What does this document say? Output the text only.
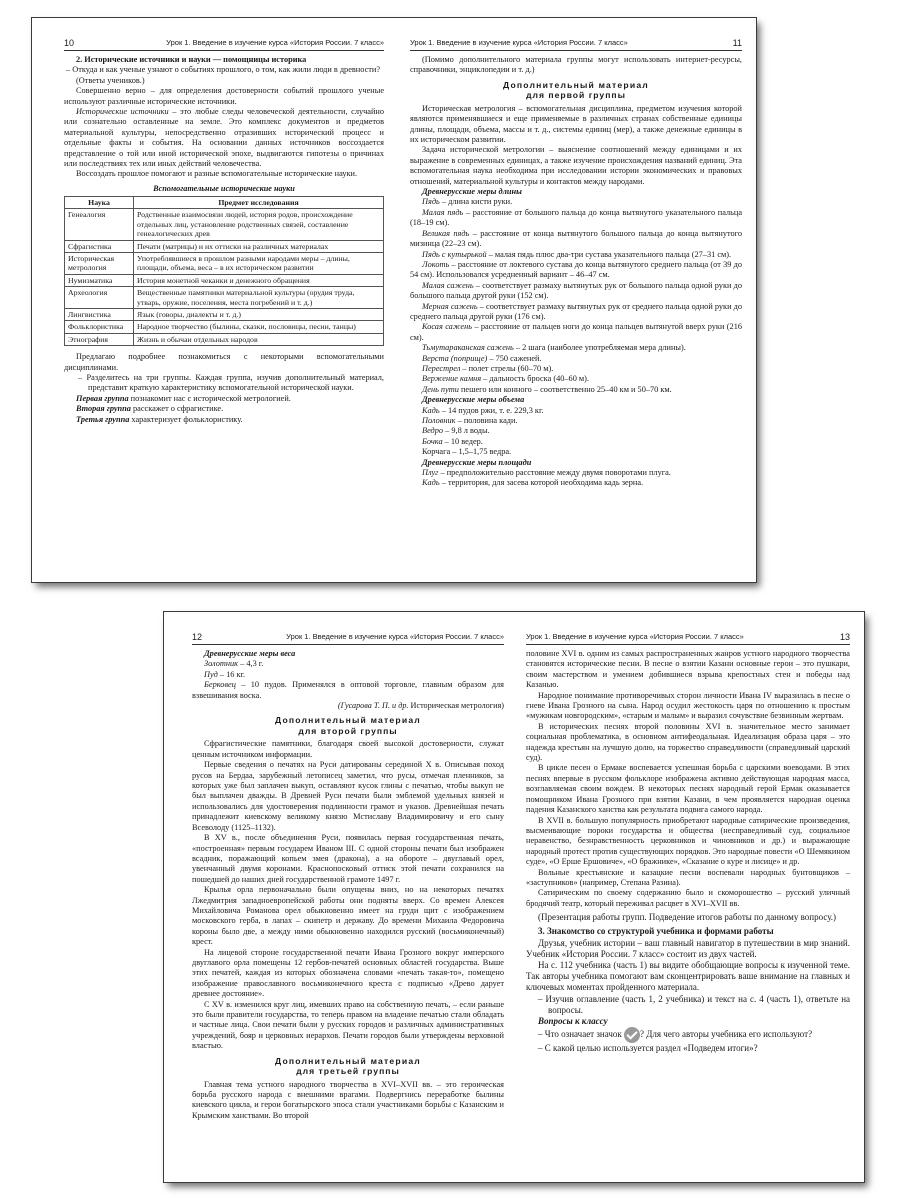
10	Урок 1. Введение в изучение курса «История России. 7 класс»

2. Исторические источники и науки — помощницы историка

– Откуда и как ученые узнают о событиях прошлого, о том, как жили люди в древности?

(Ответы учеников.)

Совершенно верно – для определения достоверности событий прошлого ученые используют различные исторические источники.

Исторические источники – это любые следы человеческой деятельности, случайно или сознательно оставленные на земле. Это комплекс документов и предметов материальной культуры, непосредственно отразивших исторический процесс и отдельные факты и события. На основании данных источников воссоздается представление о той или иной исторической эпохе, выдвигаются гипотезы о причинах или последствиях тех или иных действий человечества.

Воссоздать прошлое помогают и разные вспомогательные исторические науки.

Вспомогательные исторические науки
Наука	Предмет исследования
Генеалогия	Родственные взаимосвязи людей, история родов, происхождение отдельных лиц, установление родственных связей, составление генеалогических древ
Сфрагистика	Печати (матрицы) и их оттиски на различных материалах
Историческая метрология	Употреблявшиеся в прошлом разными народами меры – длины, площади, объема, веса – в их историческом развитии
Нумизматика	История монетной чеканки и денежного обращения
Археология	Вещественные памятники материальной культуры (орудия труда, утварь, оружие, поселения, места погребений и т. д.)
Лингвистика	Язык (говоры, диалекты и т. д.)
Фольклористика	Народное творчество (былины, сказки, пословицы, песни, танцы)
Этнография	Жизнь и обычаи отдельных народов

Предлагаю подробнее познакомиться с некоторыми вспомогательными дисциплинами.

– Разделитесь на три группы. Каждая группа, изучив дополнительный материал, представит краткую характеристику вспомогательной исторической науки.

Первая группа познакомит нас с исторической метрологией.

Вторая группа расскажет о сфрагистике.

Третья группа характеризует фольклористику.

Урок 1. Введение в изучение курса «История России. 7 класс»	11

(Помимо дополнительного материала группы могут использовать интернет-ресурсы, справочники, энциклопедии и т. д.)

Дополнительный материал
для первой группы

Историческая метрология – вспомогательная дисциплина, предметом изучения которой являются применявшиеся и еще применяемые в различных странах собственные единицы длины, площади, объема, массы и т. д., системы единиц (мер), а также денежные единицы в их историческом развитии.

Задача исторической метрологии – выяснение соотношений между единицами и их выражение в современных единицах, а также изучение происхождения названий единиц. Эта вспомогательная наука необходима при исследовании истории экономических и правовых отношений, материальной культуры и контактов между народами.

Древнерусские меры длины

Пядь – длина кисти руки.

Малая пядь – расстояние от большого пальца до конца вытянутого указательного пальца (18–19 см).

Великая пядь – расстояние от конца вытянутого большого пальца до конца вытянутого мизинца (22–23 см).

Пядь с кутырькой – малая пядь плюс два-три сустава указательного пальца (27–31 см).

Локоть – расстояние от локтевого сустава до конца вытянутого среднего пальца (от 39 до 54 см). Использовался усредненный вариант – 46–47 см.

Малая сажень – соответствует размаху вытянутых рук от большого пальца одной руки до большого пальца другой руки (152 см).

Мерная сажень – соответствует размаху вытянутых рук от среднего пальца одной руки до среднего пальца другой руки (176 см).

Косая сажень – расстояние от пальцев ноги до конца пальцев вытянутой вверх руки (216 см).

Тьмутараканская сажень – 2 шага (наиболее употребляемая мера длины).

Верста (поприще) – 750 саженей.

Перестрел – полет стрелы (60–70 м).

Вержение камня – дальность броска (40–60 м).

День пути пешего или конного – соответственно 25–40 км и 50–70 км.

Древнерусские меры объема

Кадь – 14 пудов ржи, т. е. 229,3 кг.

Половник – половина кади.

Ведро – 9,8 л воды.

Бочка – 10 ведер.

Корчага – 1,5–1,75 ведра.

Древнерусские меры площади

Плуг – предположительно расстояние между двумя поворотами плуга.

Кадь – территория, для засева которой необходима кадь зерна.

12	Урок 1. Введение в изучение курса «История России. 7 класс»

Древнерусские меры веса

Золотник – 4,3 г.

Пуд – 16 кг.

Берковец – 10 пудов. Применялся в оптовой торговле, главным образом для взвешивания воска.

(Гусарова Т. П. и др. Историческая метрология)

Дополнительный материал
для второй группы

Сфрагистические памятники, благодаря своей высокой достоверности, служат ценным источником информации.

Первые сведения о печатях на Руси датированы серединой X в. Описывая поход русов на Бердаа, зарубежный летописец заметил, что русы, отмечая пленников, за которых уже был заплачен выкуп, оставляют кусок глины с печатью, чтобы выкуп не был выплачен дважды. В Древней Руси печати были эмблемой удельных князей и использовались для удостоверения подлинности грамот и указов. Древнейшая печать принадлежит киевскому великому князю Мстиславу Владимировичу и его сыну Всеволоду (1125–1132).

В XV в., после объединения Руси, появилась первая государственная печать, «построенная» первым государем Иваном III. С одной стороны печати был изображен всадник, поражающий копьем змея (дракона), а на обороте – двуглавый орел, увенчанный двумя коронами. Краснопосковый оттиск этой печати сохранился на пошедшей до наших дней государственной грамоте 1497 г.

Крылья орла первоначально были опущены вниз, но на некоторых печатях Лжедмитрия западноевропейской работы они подняты вверх. Со времен Алексея Михайловича Романова орел обыкновенно имеет на груди щит с изображением московского герба, в лапах – скипетр и державу. До времени Михаила Федоровича короны было две, а между ними обыкновенно находился русский (восьмиконечный) крест.

На лицевой стороне государственной печати Ивана Грозного вокруг имперского двуглавого орла помещены 12 гербов-печатей основных областей государства. Выше этих печатей, каждая из которых обозначена словами «печать такая-то», помещено изображение православного восьмиконечного креста с подписью «Древо дарует древнее достояние».

С XV в. изменился круг лиц, имевших право на собственную печать, – если раньше это были правители государства, то теперь правом на владение печатью стали обладать и частные лица. Свои печати были у русских городов и различных административных учреждений, бояр и церковных иерархов. Печати городов были утверждены верховной властью.

Дополнительный материал
для третьей группы

Главная тема устного народного творчества в XVI–XVII вв. – это героическая борьба русского народа с внешними врагами. Подвергнись переработке былины киевского цикла, и герои богатырского эпоса стали участниками борьбы с Казанским и Крымским ханствами. Во второй

Урок 1. Введение в изучение курса «История России. 7 класс»	13

половине XVI в. одним из самых распространенных жанров устного народного творчества становятся исторические песни. В песне о взятии Казани основные герои – это пушкари, своим мастерством и умением добившиеся взрыва крепостных стен и победы над Казанью.

Народное понимание противоречивых сторон личности Ивана IV выразилась в песне о гневе Ивана Грозного на сына. Народ осудил жестокость царя по отношению к простым «мужикам новгородским», «старым и малым» и выразил сочувствие безвинным жертвам.

В исторических песнях второй половины XVI в. значительное место занимает социальная проблематика, в основном антифеодальная. Идеализация образа царя – это надежда крестьян на лучшую долю, на торжество справедливости (справедливый царский суд).

В цикле песен о Ермаке воспевается успешная борьба с царскими воеводами. В этих песнях впервые в русском фольклоре изображена активно действующая народная масса, возглавляемая своим вождем. В некоторых песнях народный герой Ермак оказывается помощником Ивана Грозного при взятии Казани, в чем проявляется народная оценка падения Казанского ханства как результата подвига самого народа.

В XVII в. большую популярность приобретают народные сатирические произведения, высмеивающие пороки государства и общества (несправедливый суд, социальное неравенство, безнравственность церковников и чиновников и др.) и выражающие народный протест против существующих порядков. Это народные повести «О Шемякином суде», «О Ерше Ершовиче», «О бражнике», «Сказание о куре и лисице» и др.

Вольные крестьянские и казацкие песни воспевали народных бунтовщиков – «заступников» (например, Степана Разина).

Сатирическим по своему содержанию было и скоморошество – русский уличный бродячий театр, который переживал расцвет в XVI–XVII вв.

(Презентация работы групп. Подведение итогов работы по данному вопросу.)

3. Знакомство со структурой учебника и формами работы

Друзья, учебник истории – ваш главный навигатор в путешествии в мир знаний. Учебник «История России. 7 класс» состоит из двух частей.

На с. 112 учебника (часть 1) вы видите обобщающие вопросы к изученной теме. Так авторы учебника помогают вам сконцентрировать ваше внимание на главных и ключевых моментах пройденного материала.

– Изучив оглавление (часть 1, 2 учебника) и текст на с. 4 (часть 1), ответьте на вопросы.

Вопросы к классу

– Что означает значок ? Для чего авторы учебника его используют?

– С какой целью используется раздел «Подведем итоги»?
